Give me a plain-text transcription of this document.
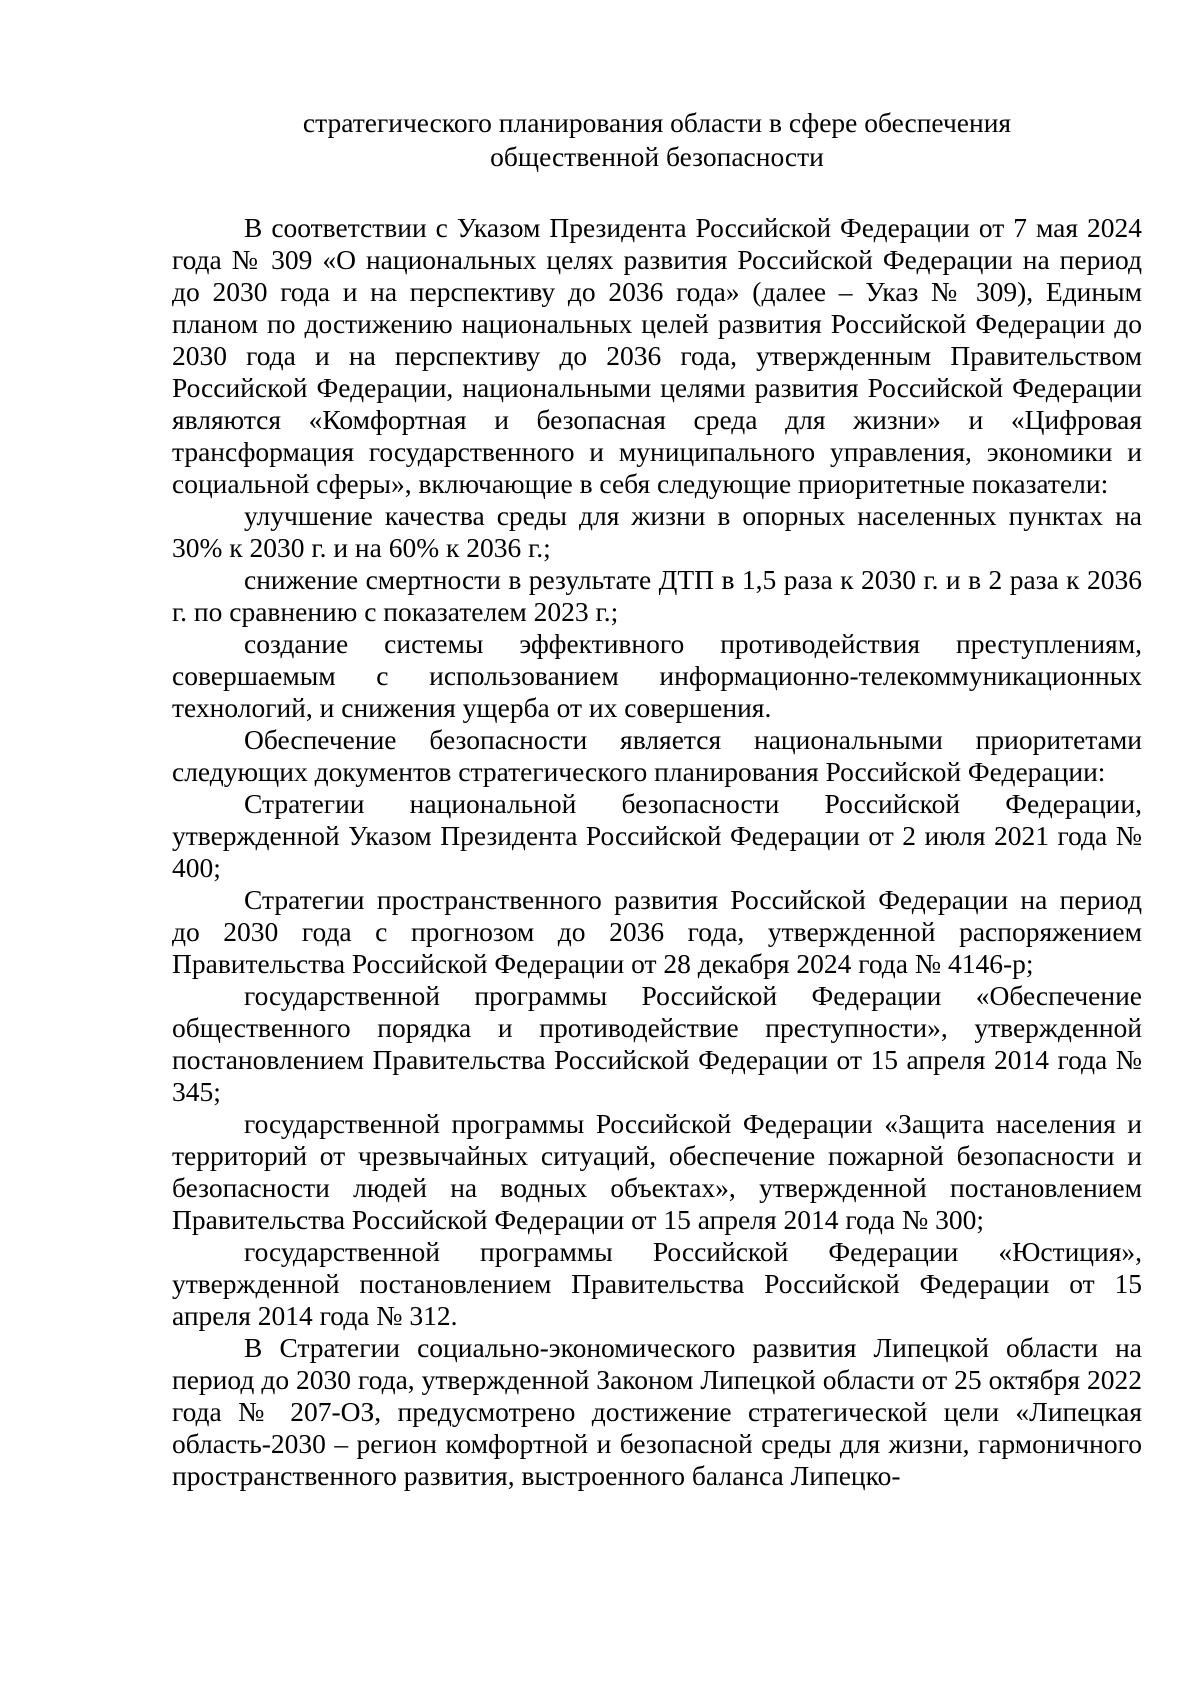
стратегического планирования области в сфере обеспечения
общественной безопасности

В соответствии с Указом Президента Российской Федерации от 7 мая 2024 года № 309 «О национальных целях развития Российской Федерации на период до 2030 года и на перспективу до 2036 года» (далее – Указ № 309), Единым планом по достижению национальных целей развития Российской Федерации до 2030 года и на перспективу до 2036 года, утвержденным Правительством Российской Федерации, национальными целями развития Российской Федерации являются «Комфортная и безопасная среда для жизни» и «Цифровая трансформация государственного и муниципального управления, экономики и социальной сферы», включающие в себя следующие приоритетные показатели:

улучшение качества среды для жизни в опорных населенных пунктах на 30% к 2030 г. и на 60% к 2036 г.;

снижение смертности в результате ДТП в 1,5 раза к 2030 г. и в 2 раза к 2036 г. по сравнению с показателем 2023 г.;

создание системы эффективного противодействия преступлениям, совершаемым с использованием информационно-телекоммуникационных технологий, и снижения ущерба от их совершения.

Обеспечение безопасности является национальными приоритетами следующих документов стратегического планирования Российской Федерации:

Стратегии национальной безопасности Российской Федерации, утвержденной Указом Президента Российской Федерации от 2 июля 2021 года № 400;

Стратегии пространственного развития Российской Федерации на период до 2030 года с прогнозом до 2036 года, утвержденной распоряжением Правительства Российской Федерации от 28 декабря 2024 года № 4146-р;

государственной программы Российской Федерации «Обеспечение общественного порядка и противодействие преступности», утвержденной постановлением Правительства Российской Федерации от 15 апреля 2014 года № 345;

государственной программы Российской Федерации «Защита населения и территорий от чрезвычайных ситуаций, обеспечение пожарной безопасности и безопасности людей на водных объектах», утвержденной постановлением Правительства Российской Федерации от 15 апреля 2014 года № 300;

государственной программы Российской Федерации «Юстиция», утвержденной постановлением Правительства Российской Федерации от 15 апреля 2014 года № 312.

В Стратегии социально-экономического развития Липецкой области на период до 2030 года, утвержденной Законом Липецкой области от 25 октября 2022 года № 207-ОЗ, предусмотрено достижение стратегической цели «Липецкая область-2030 – регион комфортной и безопасной среды для жизни, гармоничного пространственного развития, выстроенного баланса Липецко-
